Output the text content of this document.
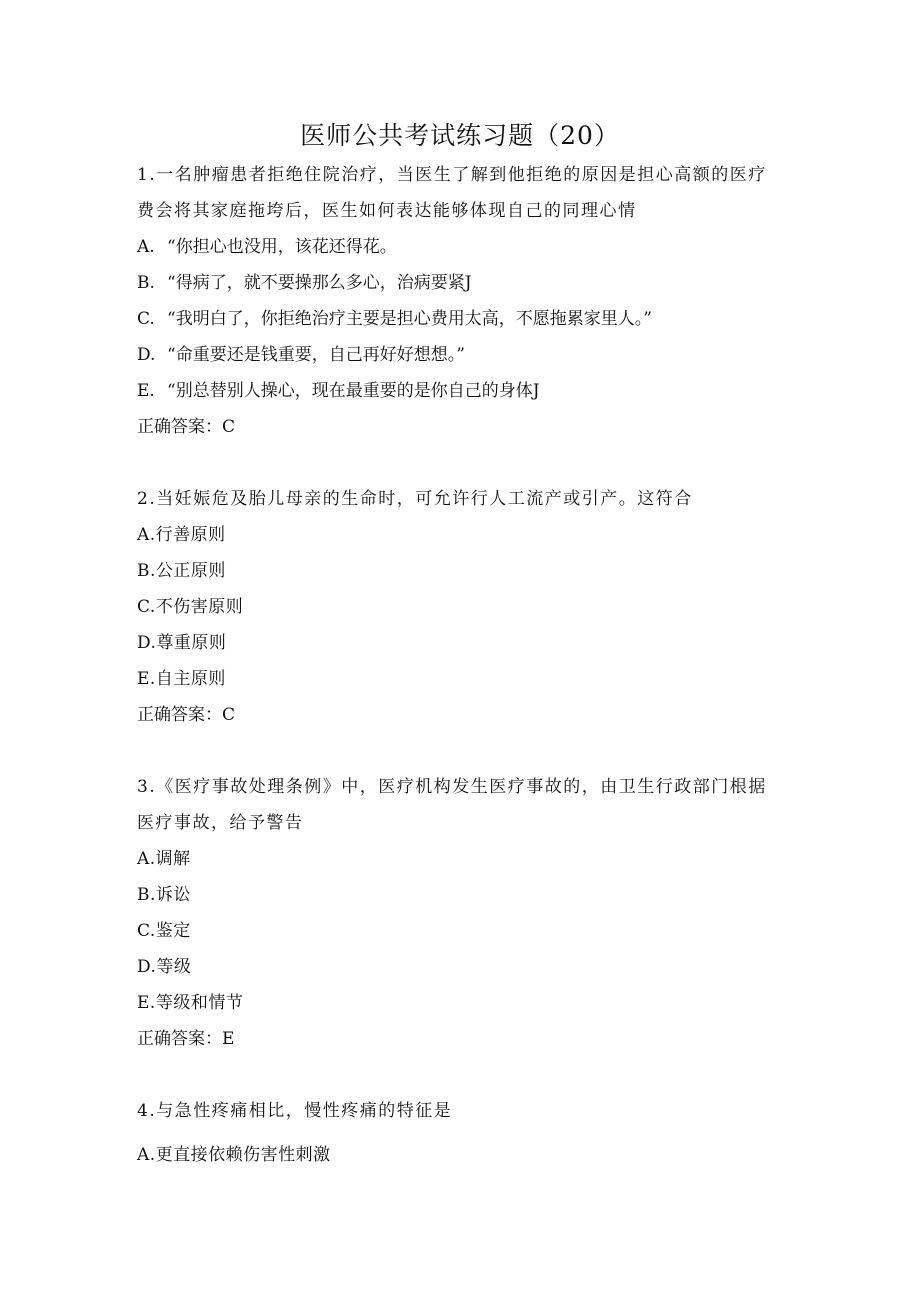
医师公共考试练习题（20）
1.一名肿瘤患者拒绝住院治疗，当医生了解到他拒绝的原因是担心高额的医疗
费会将其家庭拖垮后，医生如何表达能够体现自己的同理心情
A. “你担心也没用，该花还得花。
B. “得病了，就不要操那么多心，治病要紧J
C. “我明白了，你拒绝治疗主要是担心费用太高，不愿拖累家里人。”
D. “命重要还是钱重要，自己再好好想想。”
E. “别总替别人操心，现在最重要的是你自己的身体J
正确答案：C
2.当妊娠危及胎儿母亲的生命时，可允许行人工流产或引产。这符合
A.行善原则
B.公正原则
C.不伤害原则
D.尊重原则
E.自主原则
正确答案：C
3.《医疗事故处理条例》中，医疗机构发生医疗事故的，由卫生行政部门根据
医疗事故，给予警告
A.调解
B.诉讼
C.鉴定
D.等级
E.等级和情节
正确答案：E
4.与急性疼痛相比，慢性疼痛的特征是
A.更直接依赖伤害性刺激
